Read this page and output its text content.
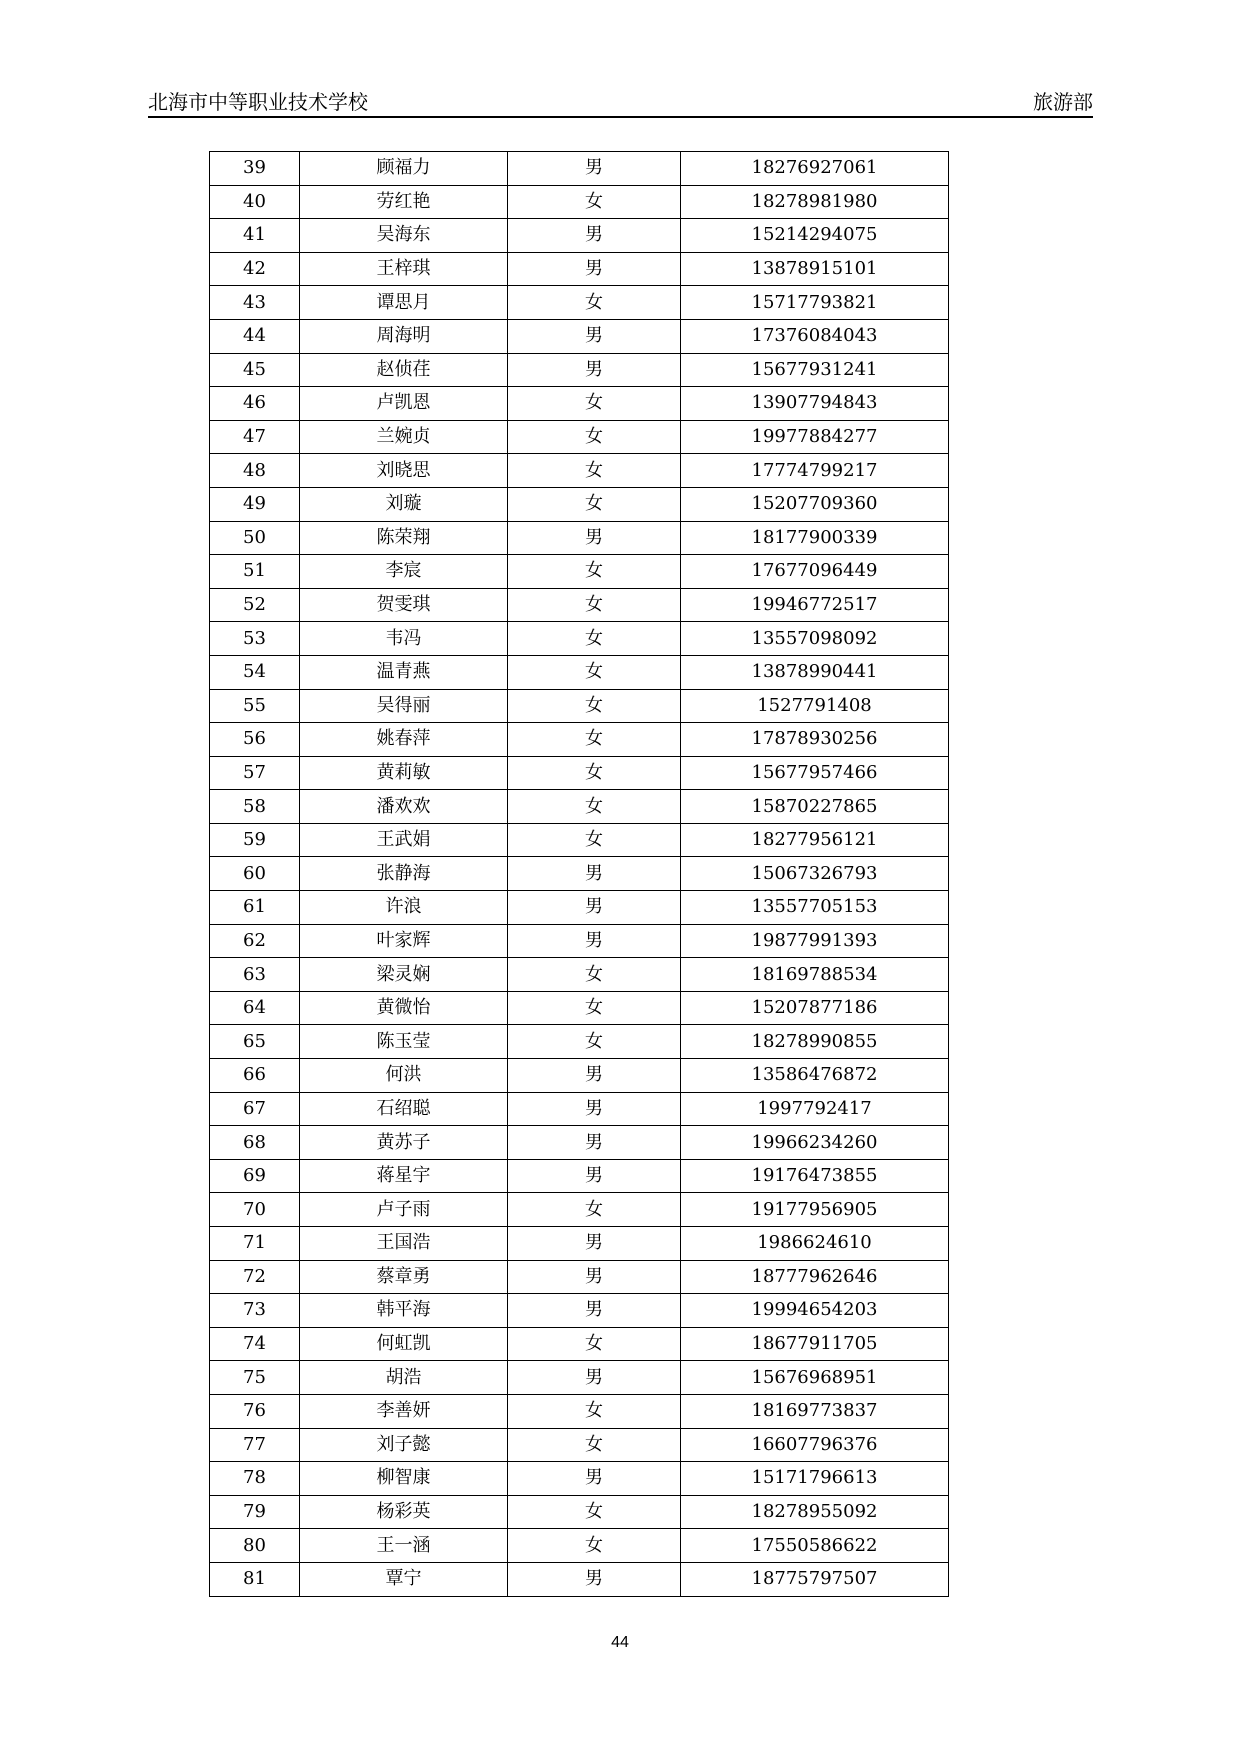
北海市中等职业技术学校	旅游部
39	顾福力	男	18276927061
40	劳红艳	女	18278981980
41	吴海东	男	15214294075
42	王梓琪	男	13878915101
43	谭思月	女	15717793821
44	周海明	男	17376084043
45	赵侦荏	男	15677931241
46	卢凯恩	女	13907794843
47	兰婉贞	女	19977884277
48	刘晓思	女	17774799217
49	刘璇	女	15207709360
50	陈荣翔	男	18177900339
51	李宸	女	17677096449
52	贺雯琪	女	19946772517
53	韦冯	女	13557098092
54	温青燕	女	13878990441
55	吴得丽	女	1527791408
56	姚春萍	女	17878930256
57	黄莉敏	女	15677957466
58	潘欢欢	女	15870227865
59	王武娟	女	18277956121
60	张静海	男	15067326793
61	许浪	男	13557705153
62	叶家辉	男	19877991393
63	梁灵娴	女	18169788534
64	黄微怡	女	15207877186
65	陈玉莹	女	18278990855
66	何洪	男	13586476872
67	石绍聪	男	1997792417
68	黄苏子	男	19966234260
69	蒋星宇	男	19176473855
70	卢子雨	女	19177956905
71	王国浩	男	1986624610
72	蔡章勇	男	18777962646
73	韩平海	男	19994654203
74	何虹凯	女	18677911705
75	胡浩	男	15676968951
76	李善妍	女	18169773837
77	刘子懿	女	16607796376
78	柳智康	男	15171796613
79	杨彩英	女	18278955092
80	王一涵	女	17550586622
81	覃宁	男	18775797507
44
